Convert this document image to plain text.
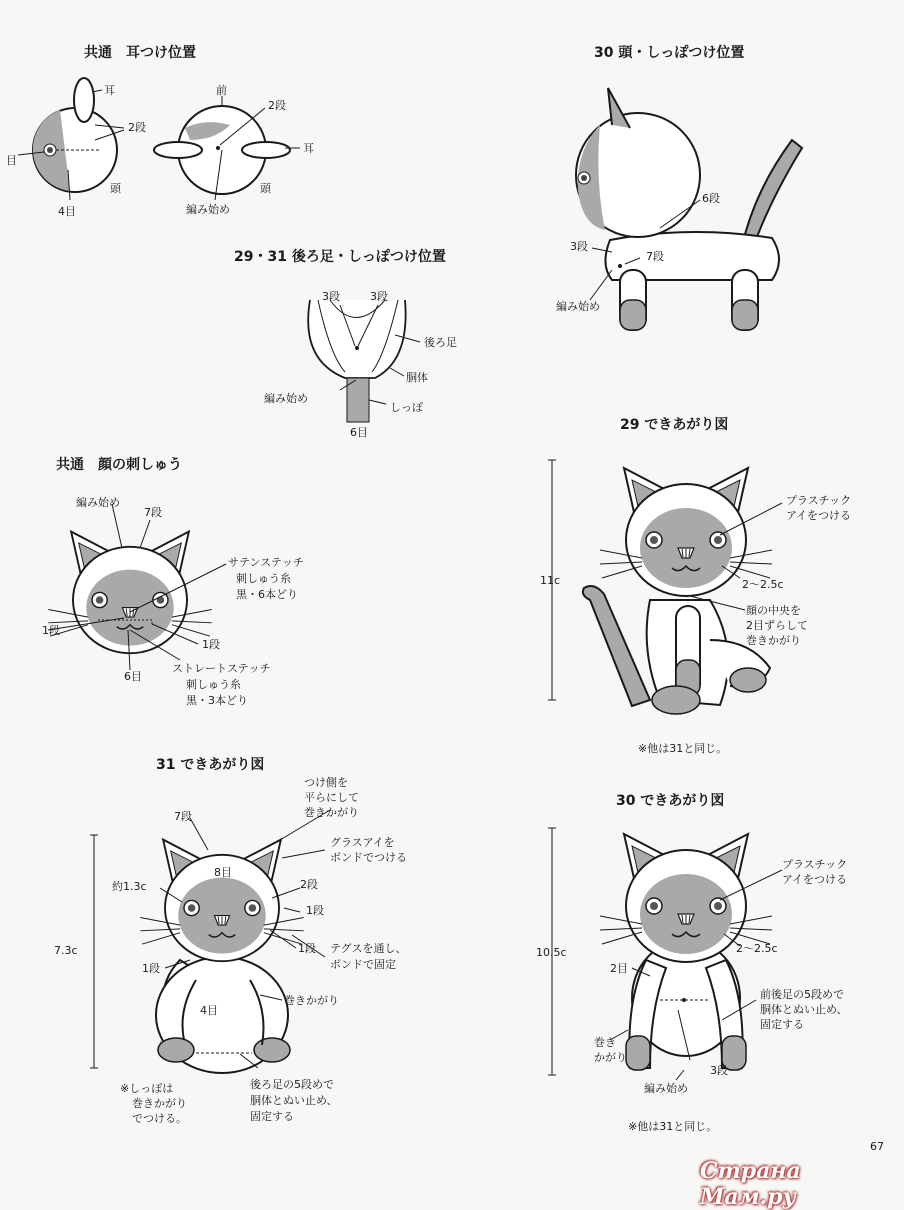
共通　耳つけ位置
耳
2段
目
頭
4目
前
2段
耳
頭
編み始め
29・31 後ろ足・しっぽつけ位置
3段	3段
後ろ足
胴体
編み始め
しっぽ
6目
共通　顔の刺しゅう
編み始め
7段
サテンステッチ
刺しゅう糸
黒・6本どり
1段
1段
6目
ストレートステッチ
刺しゅう糸
黒・3本どり
31 できあがり図
つけ側を
平らにして
巻きかがり
7段
グラスアイを
ボンドでつける
8目
約1.3c	2段
1段
7.3c	1段 テグスを通し、
ボンドで固定
1段
巻きかがり
4目
※しっぽは
巻きかがり
でつける。
後ろ足の5段めで
胴体とぬい止め、
固定する
30 頭・しっぽつけ位置
6段
3段
7段
編み始め
29 できあがり図
プラスチック
アイをつける
11c	2〜2.5c
顔の中央を
2目ずらして
巻きかがり
※他は31と同じ。
30 できあがり図
プラスチック
アイをつける
2〜2.5c
10.5c
2目
前後足の5段めで
胴体とぬい止め、
固定する
巻き
かがり
3段
編み始め
※他は31と同じ。
67
Страна Мам.ру
